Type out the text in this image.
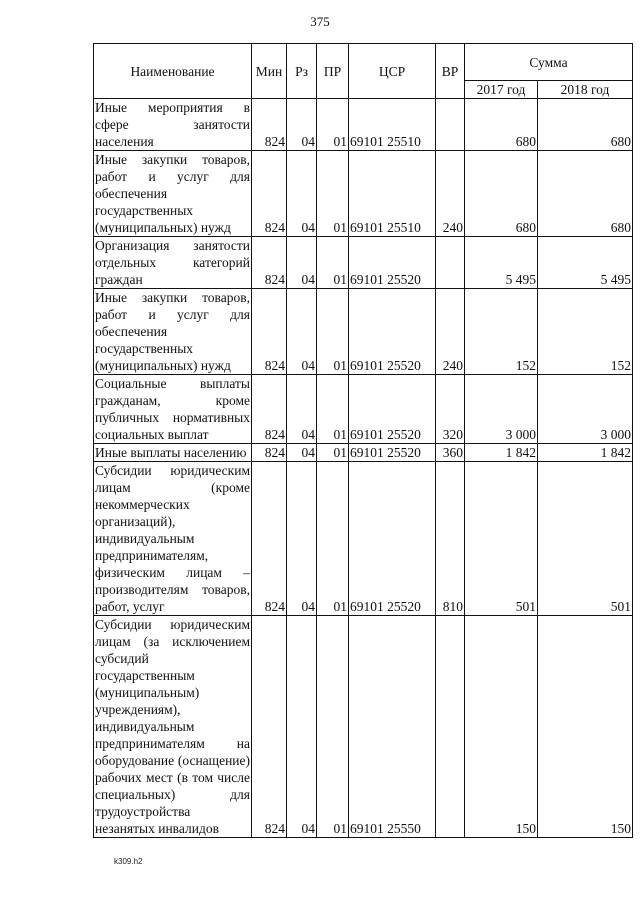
375
Наименование	Мин	Рз	ПР	ЦСР	ВР	Сумма	
						2017 год	2018 год
Иные мероприятия в сфере занятости населения	824	04	01	69101 25510		680	680
Иные закупки товаров, работ и услуг для обеспечения государственных (муниципальных) нужд	824	04	01	69101 25510	240	680	680
Организация занятости отдельных категорий граждан	824	04	01	69101 25520		5 495	5 495
Иные закупки товаров, работ и услуг для обеспечения государственных (муниципальных) нужд	824	04	01	69101 25520	240	152	152
Социальные выплаты гражданам, кроме публичных нормативных социальных выплат	824	04	01	69101 25520	320	3 000	3 000
Иные выплаты населению	824	04	01	69101 25520	360	1 842	1 842
Субсидии юридическим лицам (кроме некоммерческих организаций), индивидуальным предпринимателям, физическим лицам – производителям товаров, работ, услуг	824	04	01	69101 25520	810	501	501
Субсидии юридическим лицам (за исключением субсидий государственным (муниципальным) учреждениям), индивидуальным предпринимателям на оборудование (оснащение) рабочих мест (в том числе специальных) для трудоустройства незанятых инвалидов	824	04	01	69101 25550		150	150
k309.h2
